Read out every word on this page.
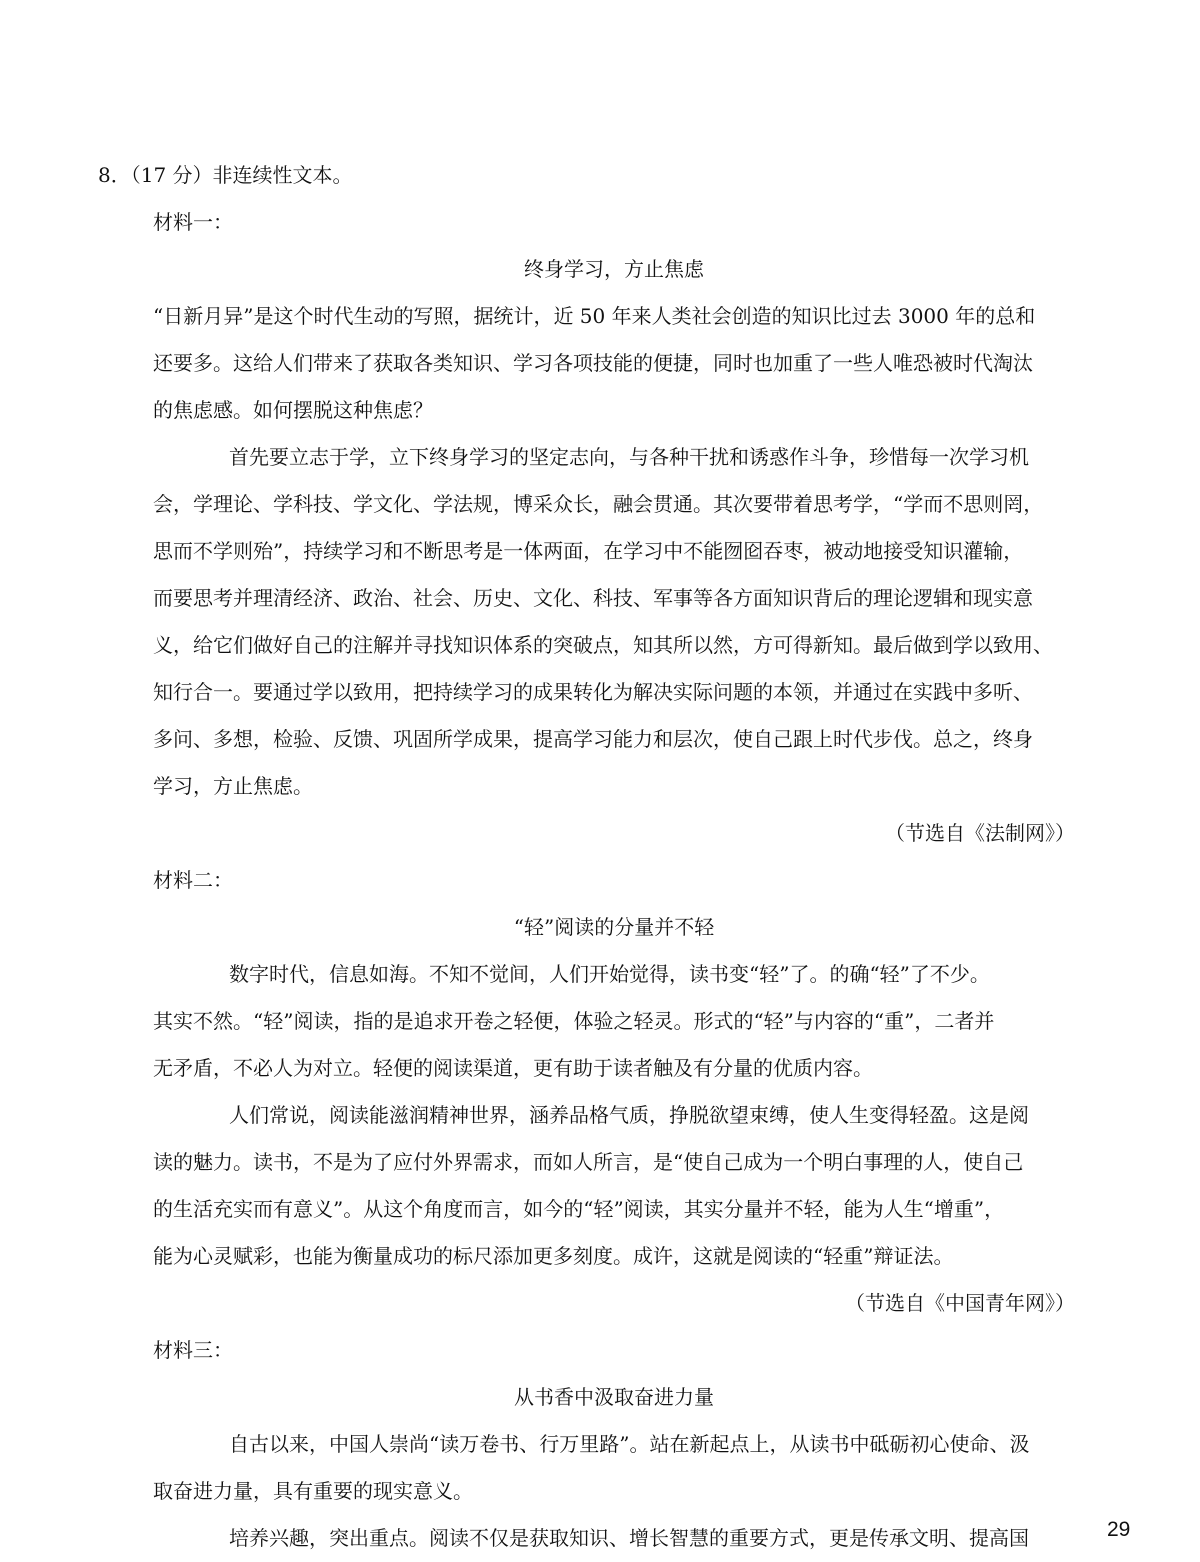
8．（17 分）非连续性文本。
材料一：
终身学习，方止焦虑
“日新月异”是这个时代生动的写照，据统计，近 50 年来人类社会创造的知识比过去 3000 年的总和
还要多。这给人们带来了获取各类知识、学习各项技能的便捷，同时也加重了一些人唯恐被时代淘汰
的焦虑感。如何摆脱这种焦虑？
首先要立志于学，立下终身学习的坚定志向，与各种干扰和诱惑作斗争，珍惜每一次学习机
会，学理论、学科技、学文化、学法规，博采众长，融会贯通。其次要带着思考学，“学而不思则罔，
思而不学则殆”，持续学习和不断思考是一体两面，在学习中不能囫囵吞枣，被动地接受知识灌输，
而要思考并理清经济、政治、社会、历史、文化、科技、军事等各方面知识背后的理论逻辑和现实意
义，给它们做好自己的注解并寻找知识体系的突破点，知其所以然，方可得新知。最后做到学以致用、
知行合一。要通过学以致用，把持续学习的成果转化为解决实际问题的本领，并通过在实践中多听、
多问、多想，检验、反馈、巩固所学成果，提高学习能力和层次，使自己跟上时代步伐。总之，终身
学习，方止焦虑。
（节选自《法制网》）
材料二：
“轻”阅读的分量并不轻
数字时代，信息如海。不知不觉间，人们开始觉得，读书变“轻”了。的确“轻”了不少。
其实不然。“轻”阅读，指的是追求开卷之轻便，体验之轻灵。形式的“轻”与内容的“重”，二者并
无矛盾，不必人为对立。轻便的阅读渠道，更有助于读者触及有分量的优质内容。
人们常说，阅读能滋润精神世界，涵养品格气质，挣脱欲望束缚，使人生变得轻盈。这是阅
读的魅力。读书，不是为了应付外界需求，而如人所言，是“使自己成为一个明白事理的人，使自己
的生活充实而有意义”。从这个角度而言，如今的“轻”阅读，其实分量并不轻，能为人生“增重”，
能为心灵赋彩，也能为衡量成功的标尺添加更多刻度。成许，这就是阅读的“轻重”辩证法。
（节选自《中国青年网》）
材料三：
从书香中汲取奋进力量
自古以来，中国人崇尚“读万卷书、行万里路”。站在新起点上，从读书中砥砺初心使命、汲
取奋进力量，具有重要的现实意义。
培养兴趣，突出重点。阅读不仅是获取知识、增长智慧的重要方式，更是传承文明、提高国	29
